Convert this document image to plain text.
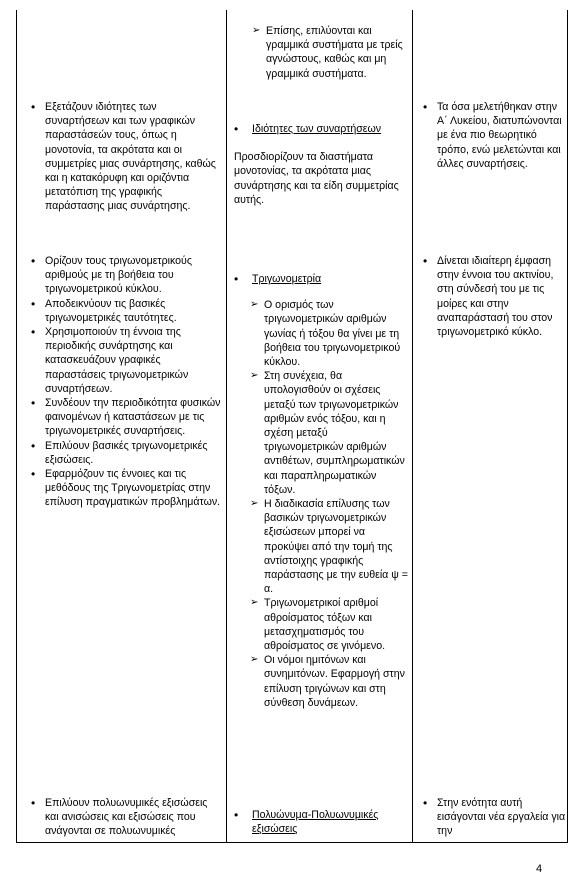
➢ Επίσης, επιλύονται και γραμμικά συστήματα με τρείς αγνώστους, καθώς και μη γραμμικά συστήματα.
• Εξετάζουν ιδιότητες των συναρτήσεων και των γραφικών παραστάσεών τους, όπως η μονοτονία, τα ακρότατα και οι συμμετρίες μιας συνάρτησης, καθώς και η κατακόρυφη και οριζόντια μετατόπιση της γραφικής παράστασης μιας συνάρτησης.

• Ιδιότητες των συναρτήσεων

Προσδιορίζουν τα διαστήματα μονοτονίας, τα ακρότατα μιας συνάρτησης και τα είδη συμμετρίας αυτής.

• Τα όσα μελετήθηκαν στην Α΄ Λυκείου, διατυπώνονται με ένα πιο θεωρητικό τρόπο, ενώ μελετώνται και άλλες συναρτήσεις.
• Ορίζουν τους τριγωνομετρικούς αριθμούς με τη βοήθεια του τριγωνομετρικού κύκλου.
• Αποδεικνύουν τις βασικές τριγωνομετρικές ταυτότητες.
• Χρησιμοποιούν τη έννοια της περιοδικής συνάρτησης και κατασκευάζουν γραφικές παραστάσεις τριγωνομετρικών συναρτήσεων.
• Συνδέουν την περιοδικότητα φυσικών φαινομένων ή καταστάσεων με τις τριγωνομετρικές συναρτήσεις.
• Επιλύουν βασικές τριγωνομετρικές εξισώσεις.
• Εφαρμόζουν τις έννοιες και τις μεθόδους της Τριγωνομετρίας στην επίλυση πραγματικών προβλημάτων.

• Τριγωνομετρία

➢ Ο ορισμός των τριγωνομετρικών αριθμών γωνίας ή τόξου θα γίνει με τη βοήθεια του τριγωνομετρικού κύκλου.
➢ Στη συνέχεια, θα υπολογισθούν οι σχέσεις μεταξύ των τριγωνομετρικών αριθμών ενός τόξου, και η σχέση μεταξύ τριγωνομετρικών αριθμών αντιθέτων, συμπληρωματικών και παραπληρωματικών τόξων.
➢ Η διαδικασία επίλυσης των βασικών τριγωνομετρικών εξισώσεων μπορεί να προκύψει από την τομή της αντίστοιχης γραφικής παράστασης με την ευθεία ψ = α.
➢ Τριγωνομετρικοί αριθμοί αθροίσματος τόξων και μετασχηματισμός του αθροίσματος σε γινόμενο.
➢ Οι νόμοι ημιτόνων και συνημιτόνων. Εφαρμογή στην επίλυση τριγώνων και στη σύνθεση δυνάμεων.
• Δίνεται ιδιαίτερη έμφαση στην έννοια του ακτινίου, στη σύνδεσή του με τις μοίρες και στην αναπαράστασή του στον τριγωνομετρικό κύκλο.
• Επιλύουν πολυωνυμικές εξισώσεις και ανισώσεις και εξισώσεις που ανάγονται σε πολυωνυμικές

• Πολυώνυμα-Πολυωνυμικές εξισώσεις

• Στην ενότητα αυτή εισάγονται νέα εργαλεία για την
4
